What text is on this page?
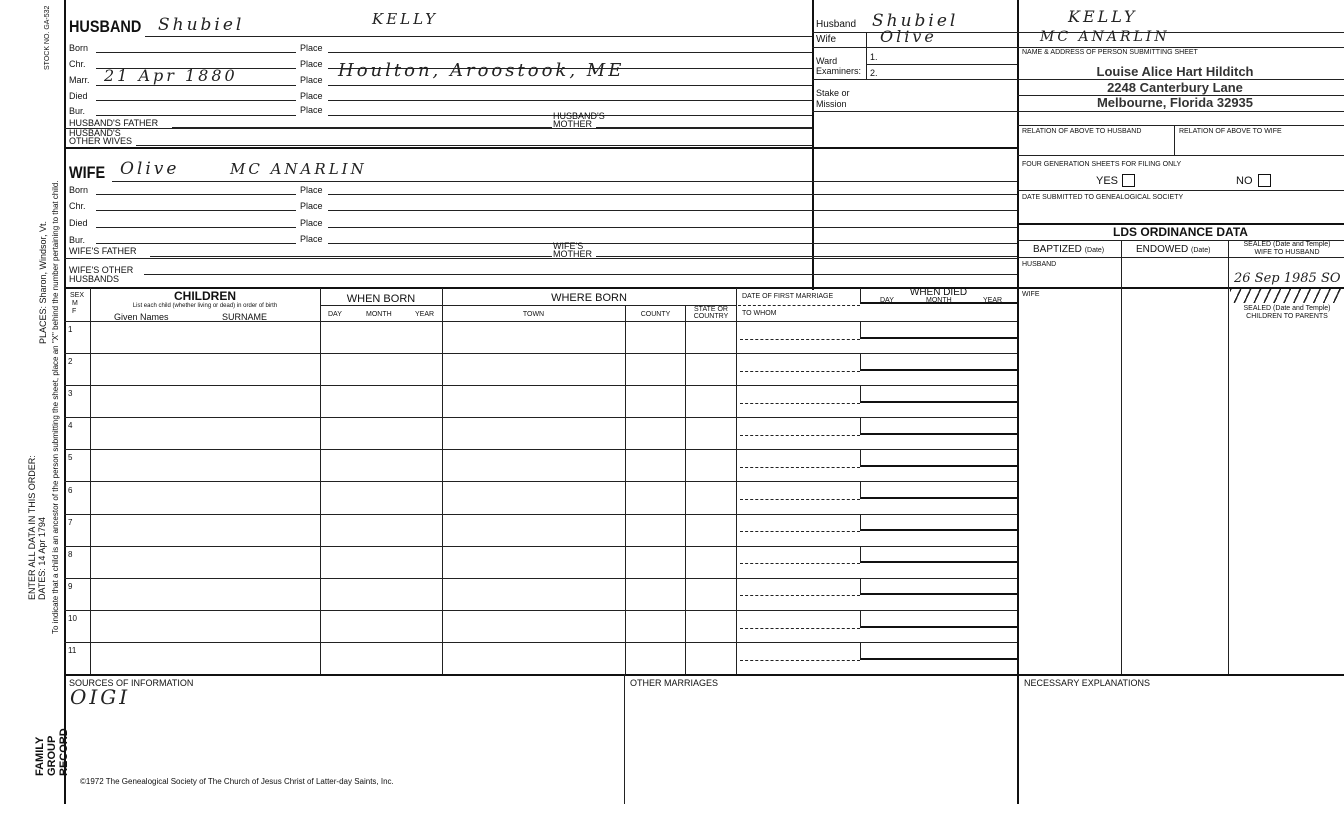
STOCK NO. GA-532
PLACES: Sharon, Windsor, Vt.
ENTER ALL DATA IN THIS ORDER: DATES: 14 Apr 1794 To indicate that a child is an ancestor of the person submitting the sheet, place an "X" behind the number pertaining to that child.
FAMILY GROUP RECORD
HUSBAND Shubiel	KELLY
Born	Place
Chr.	Place
Marr. 21 Apr 1880	Place Houlton, Aroostook, ME
Died	Place
Bur.	Place
HUSBAND'S FATHER
HUSBAND'S
MOTHER
HUSBAND'S
OTHER WIVES
WIFE Olive	MC ANARLIN
Born	Place
Chr.	Place
Died	Place
Bur.	Place
WIFE'S FATHER	WIFE'S
MOTHER
WIFE'S OTHER
HUSBANDS
Husband Shubiel	KELLY
Wife	Olive	MC ANARLIN
Ward	1.
Examiners: 2.
Stake or
Mission
NAME & ADDRESS OF PERSON SUBMITTING SHEET
Louise Alice Hart Hilditch
2248 Canterbury Lane
Melbourne, Florida 32935
RELATION OF ABOVE TO HUSBAND	RELATION OF ABOVE TO WIFE
FOUR GENERATION SHEETS FOR FILING ONLY
YES	NO
DATE SUBMITTED TO GENEALOGICAL SOCIETY
LDS ORDINANCE DATA
BAPTIZED (Date)	ENDOWED (Date)
SEALED (Date and Temple)
WIFE TO HUSBAND
HUSBAND
26 Sep 1985 SO
WIFE
SEALED (Date and Temple)
CHILDREN TO PARENTS
SEX
M
F
CHILDREN
List each child (whether living or dead) in order of birth
Given Names	SURNAME
WHEN BORN
DAY	MONTH	YEAR
WHERE BORN
TOWN	COUNTY
STATE OR
COUNTRY
DATE OF FIRST MARRIAGE
TO WHOM
WHEN DIED
DAY	MONTH	YEAR
1
2
3
4
5
6
7
8
9
10
11
SOURCES OF INFORMATION
OIGI
OTHER MARRIAGES	NECESSARY EXPLANATIONS
©1972 The Genealogical Society of The Church of Jesus Christ of Latter-day Saints, Inc.
